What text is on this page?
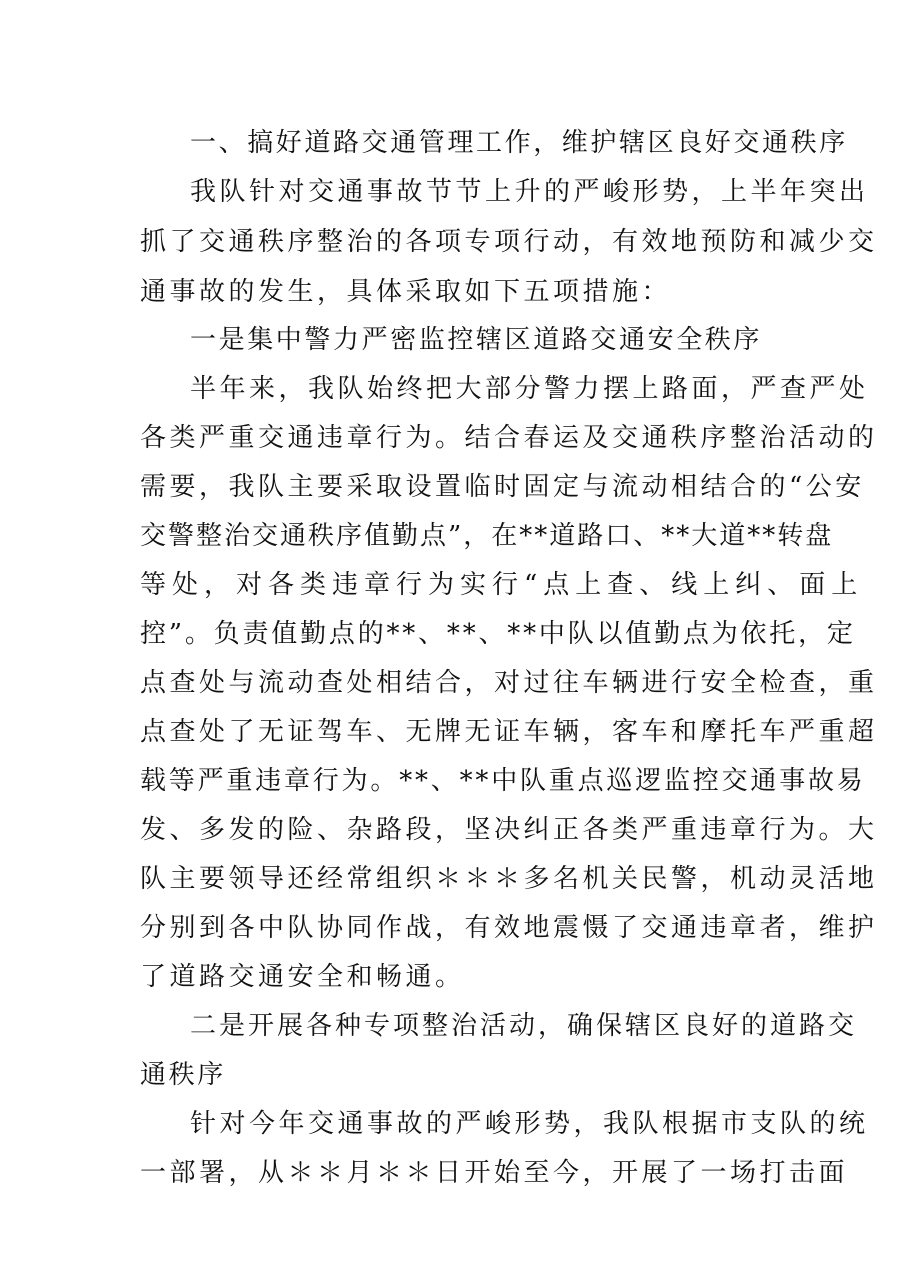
一、搞好道路交通管理工作，维护辖区良好交通秩序
我队针对交通事故节节上升的严峻形势，上半年突出
抓了交通秩序整治的各项专项行动，有效地预防和减少交
通事故的发生，具体采取如下五项措施：
一是集中警力严密监控辖区道路交通安全秩序
半年来，我队始终把大部分警力摆上路面，严查严处
各类严重交通违章行为。结合春运及交通秩序整治活动的
需要，我队主要采取设置临时固定与流动相结合的“公安
交警整治交通秩序值勤点”，在**道路口、**大道**转盘
等处，对各类违章行为实行“点上查、线上纠、面上
控”。负责值勤点的**、**、**中队以值勤点为依托，定
点查处与流动查处相结合，对过往车辆进行安全检查，重
点查处了无证驾车、无牌无证车辆，客车和摩托车严重超
载等严重违章行为。**、**中队重点巡逻监控交通事故易
发、多发的险、杂路段，坚决纠正各类严重违章行为。大
队主要领导还经常组织＊＊＊多名机关民警，机动灵活地
分别到各中队协同作战，有效地震慑了交通违章者，维护
了道路交通安全和畅通。
二是开展各种专项整治活动，确保辖区良好的道路交
通秩序
针对今年交通事故的严峻形势，我队根据市支队的统
一部署，从＊＊月＊＊日开始至今，开展了一场打击面
